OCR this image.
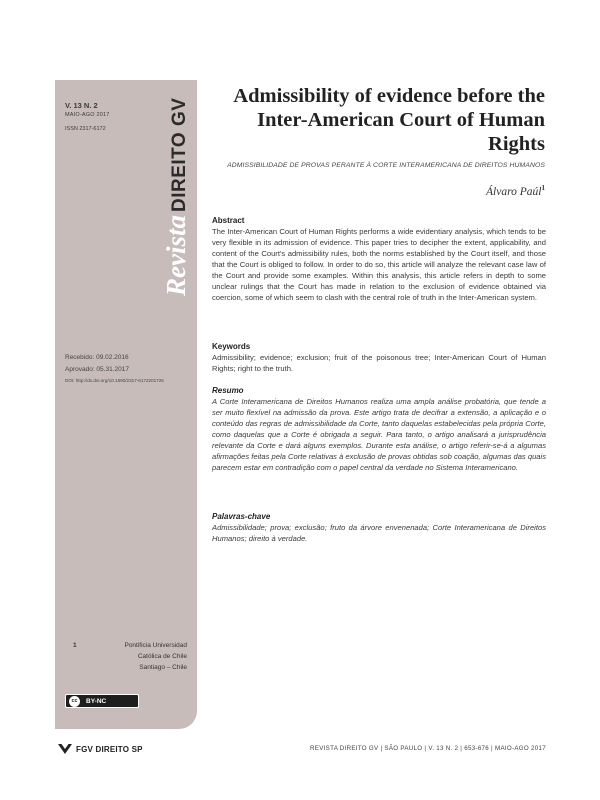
V. 13 N. 2
MAIO-AGO 2017
ISSN 2317-6172
RevistaDIREITO GV
Recebido: 09.02.2016
Aprovado: 05.31.2017
DOI: http://dx.doi.org/10.1590/2317-6172201726
1	Pontificia Universidad
Católica de Chile
Santiago – Chile
cc	BY-NC
Admissibility of evidence before the Inter-American Court of Human Rights
ADMISSIBILIDADE DE PROVAS PERANTE À CORTE INTERAMERICANA DE DIREITOS HUMANOS
Álvaro Paúl$^1$
Abstract

The Inter-American Court of Human Rights performs a wide evidentiary analysis, which tends to be very flexible in its admission of evidence. This paper tries to decipher the extent, applicability, and content of the Court's admissibility rules, both the norms established by the Court itself, and those that the Court is obliged to follow. In order to do so, this article will analyze the relevant case law of the Court and provide some examples. Within this analysis, this article refers in depth to some unclear rulings that the Court has made in relation to the exclusion of evidence obtained via coercion, some of which seem to clash with the central role of truth in the Inter-American system.

Keywords

Admissibility; evidence; exclusion; fruit of the poisonous tree; Inter-American Court of Human Rights; right to the truth.

Resumo

A Corte Interamericana de Direitos Humanos realiza uma ampla análise probatória, que tende a ser muito flexível na admissão da prova. Este artigo trata de decifrar a extensão, a aplicação e o conteúdo das regras de admissibilidade da Corte, tanto daquelas estabelecidas pela própria Corte, como daquelas que a Corte é obrigada a seguir. Para tanto, o artigo analisará a jurisprudência relevante da Corte e dará alguns exemplos. Durante esta análise, o artigo referir-se-á a algumas afirmações feitas pela Corte relativas à exclusão de provas obtidas sob coação, algumas das quais parecem estar em contradição com o papel central da verdade no Sistema Interamericano.

Palavras-chave

Admissibilidade; prova; exclusão; fruto da árvore envenenada; Corte Interamericana de Direitos Humanos; direito à verdade.

FGV DIREITO SP	REVISTA DIREITO GV | SÃO PAULO | V. 13 N. 2 | 653-676 | MAIO-AGO 2017
